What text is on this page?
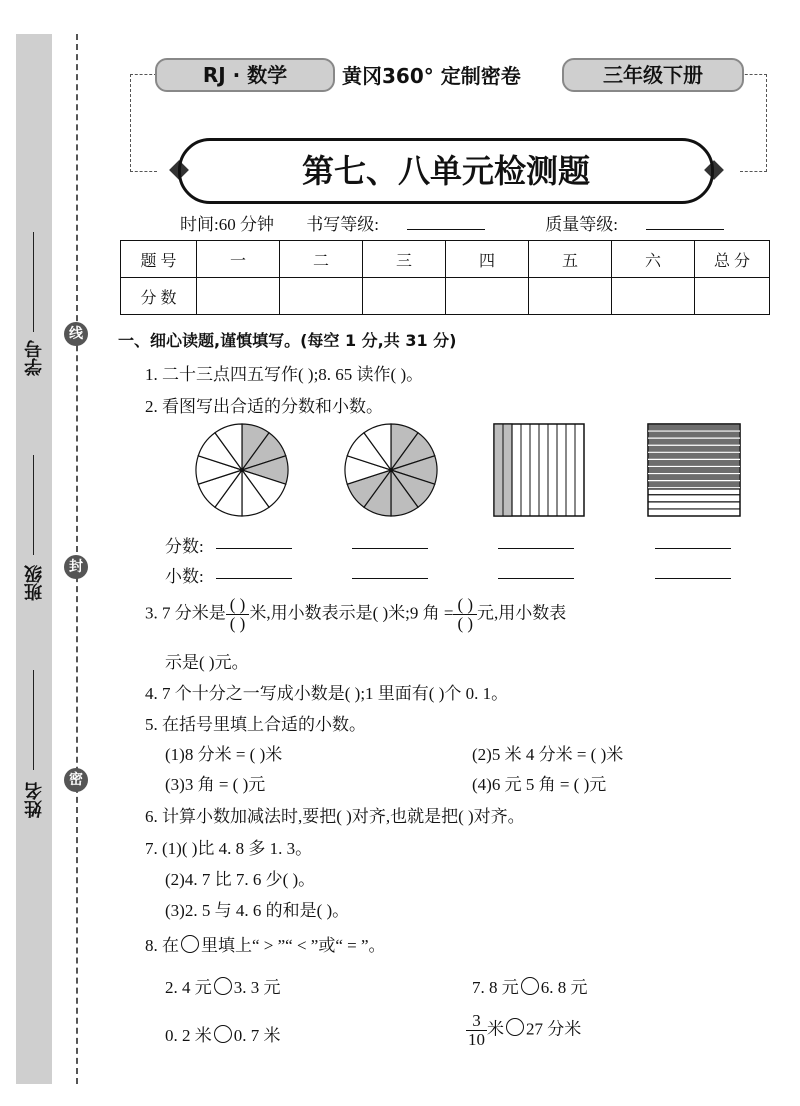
学号
班级
姓名
线
封
密
RJ · 数学	黄冈360° 定制密卷	三年级下册
第七、八单元检测题
时间:60 分钟 书写等级:	质量等级:
题 号	一	二	三	四	五	六	总 分
分 数							
一、细心读题,谨慎填写。(每空 1 分,共 31 分)
1. 二十三点四五写作( );8. 65 读作( )。
2. 看图写出合适的分数和小数。
分数:
小数:
3. 7 分米是 $\frac{( )}{( )}$ 米,用小数表示是( )米;9 角 = $\frac{( )}{( )}$ 元,用小数表
示是( )元。
4. 7 个十分之一写成小数是( );1 里面有( )个 0. 1。
5. 在括号里填上合适的小数。
(1)8 分米 = ( )米	(2)5 米 4 分米 = ( )米
(3)3 角 = ( )元	(4)6 元 5 角 = ( )元
6. 计算小数加减法时,要把( )对齐,也就是把( )对齐。
7. (1)( )比 4. 8 多 1. 3。
(2)4. 7 比 7. 6 少( )。
(3)2. 5 与 4. 6 的和是( )。
8. 在 里填上“ > ”“ < ”或“ = ”。
2. 4 元 3. 3 元	7. 8 元 6. 8 元
0. 2 米 0. 7 米	$\frac{3}{10}$ 米 27 分米
